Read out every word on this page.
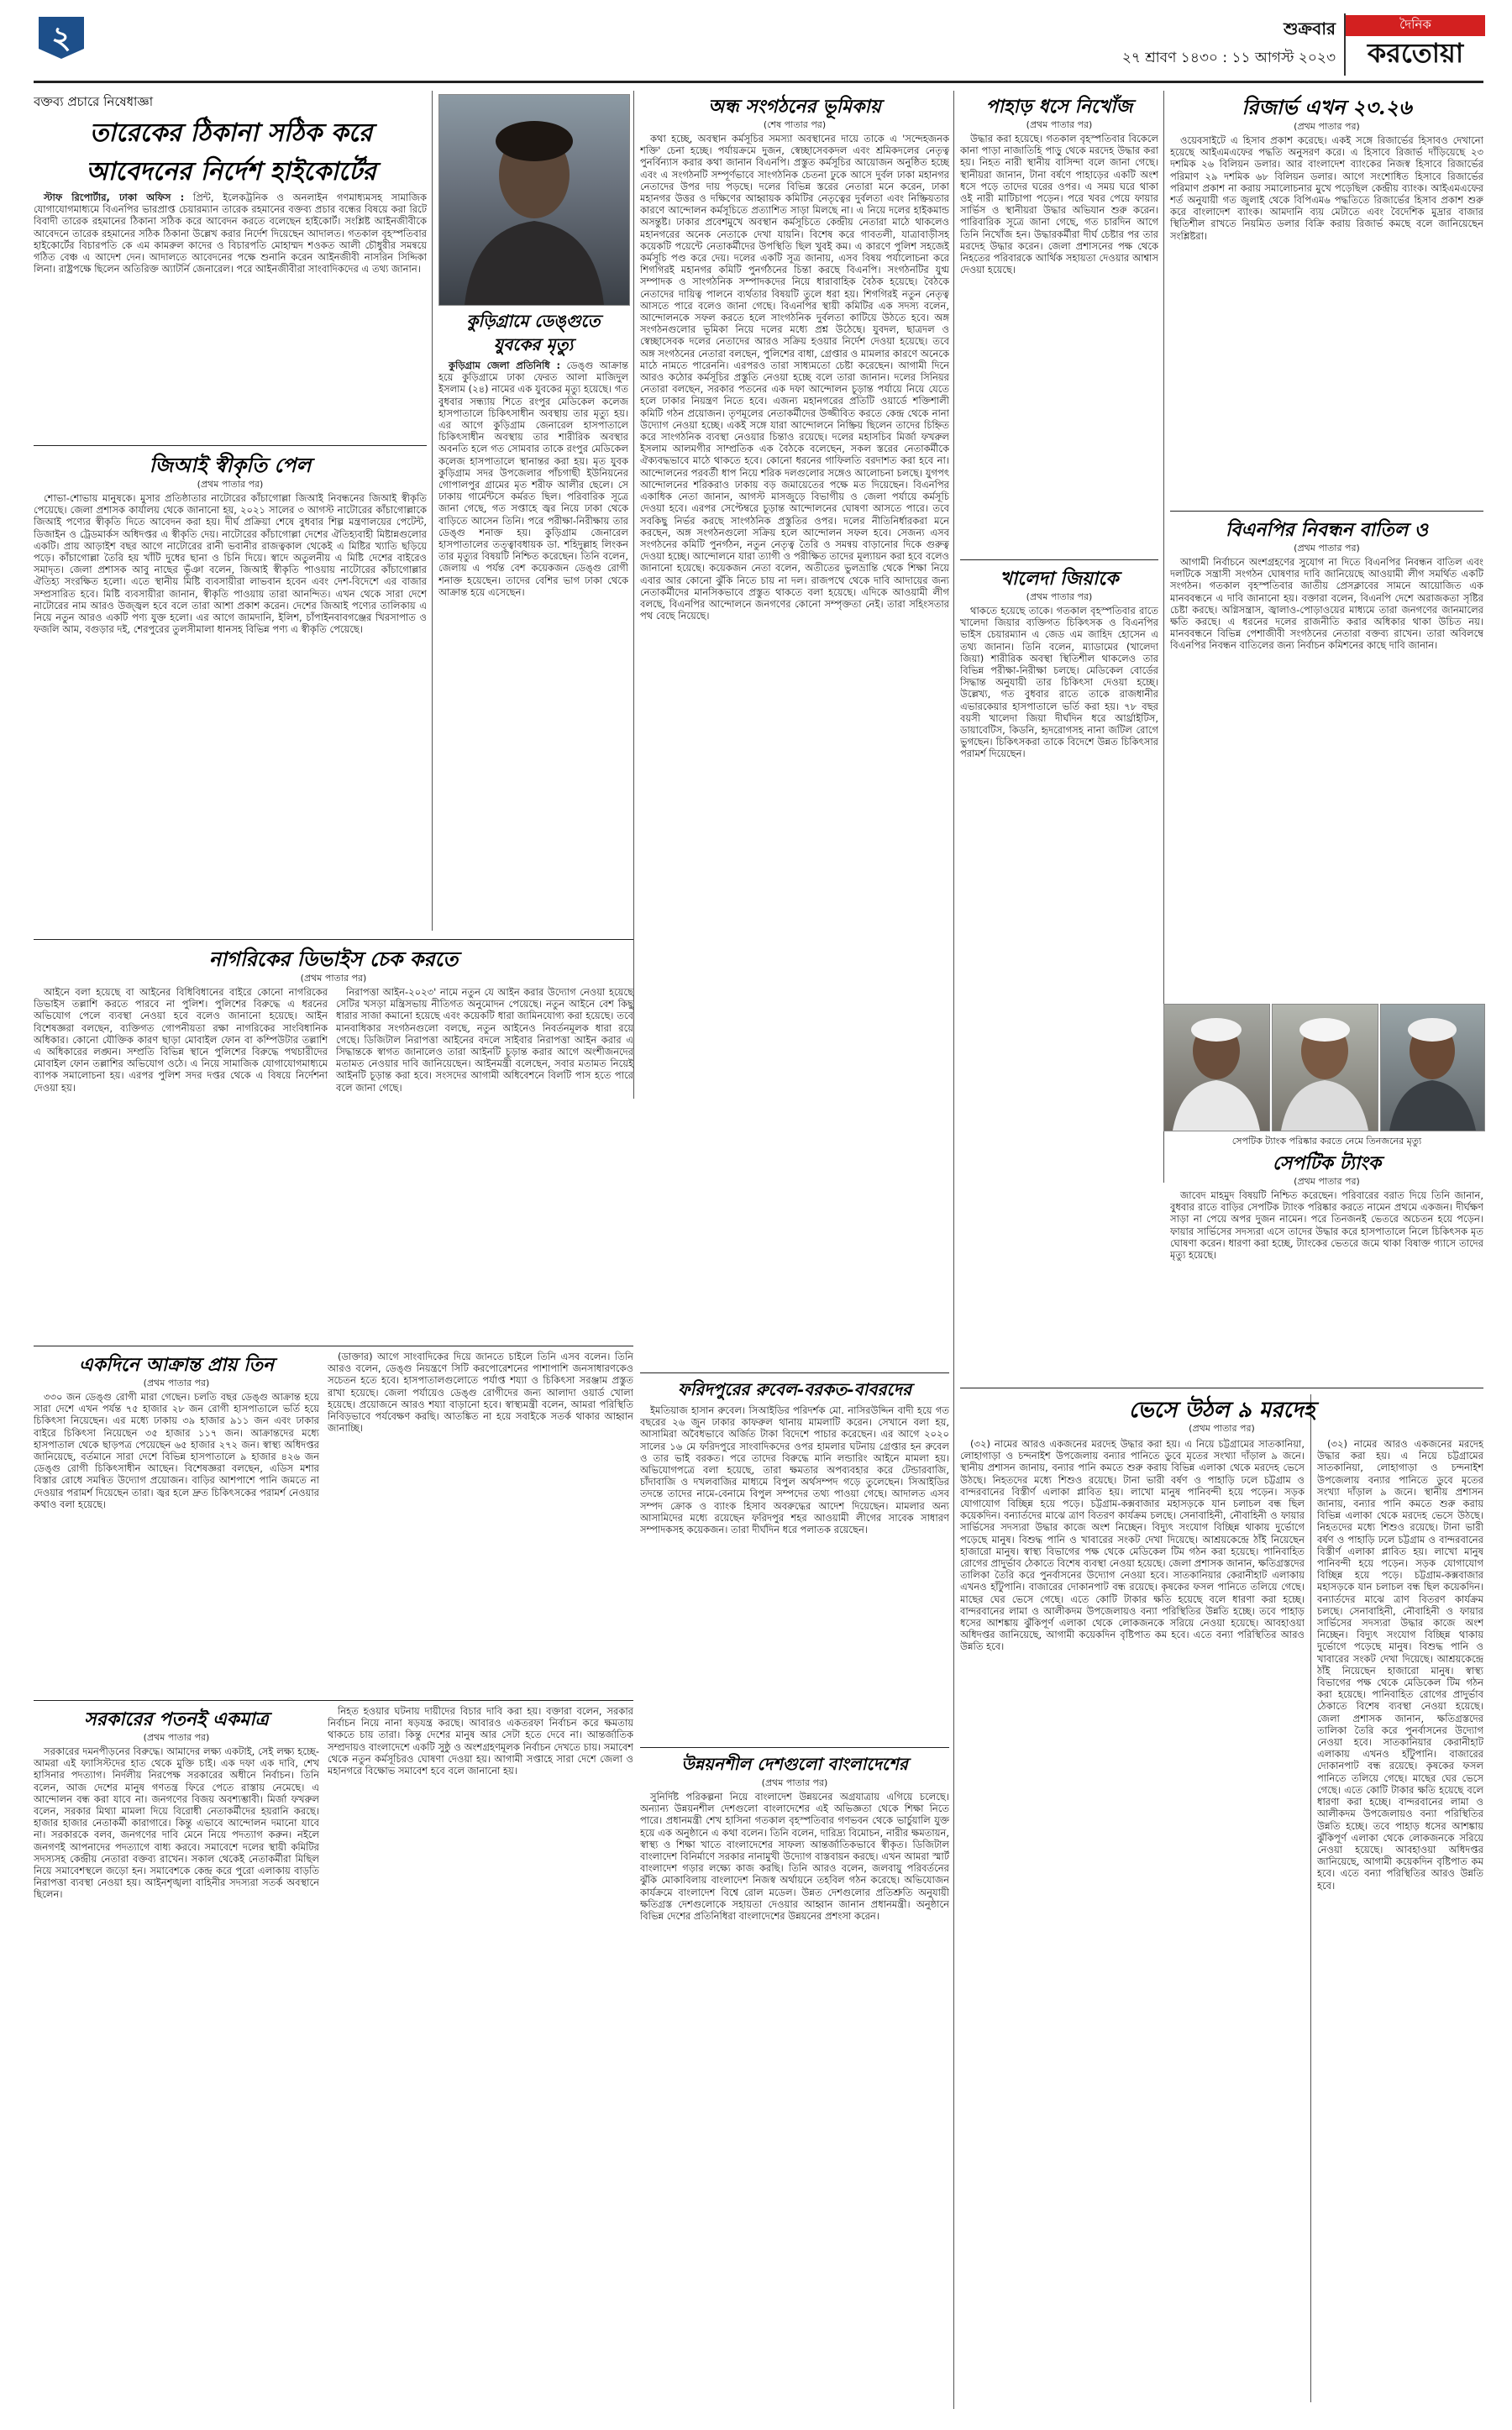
২	শুক্রবার
২৭ শ্রাবণ ১৪৩০ : ১১ আগস্ট ২০২৩
দৈনিক
করতোয়া
বক্তব্য প্রচারে নিষেধাজ্ঞা
তারেকের ঠিকানা সঠিক করে
আবেদনের নির্দেশ হাইকোর্টের

স্টাফ রিপোর্টার, ঢাকা অফিস : প্রিন্ট, ইলেকট্রনিক ও অনলাইন গণমাধ্যমসহ সামাজিক যোগাযোগমাধ্যমে বিএনপির ভারপ্রাপ্ত চেয়ারম্যান তারেক রহমানের বক্তব্য প্রচার বন্ধের বিষয়ে করা রিটে বিবাদী তারেক রহমানের ঠিকানা সঠিক করে আবেদন করতে বলেছেন হাইকোর্ট। সংশ্লিষ্ট আইনজীবীকে আবেদনে তারেক রহমানের সঠিক ঠিকানা উল্লেখ করার নির্দেশ দিয়েছেন আদালত। গতকাল বৃহস্পতিবার হাইকোর্টের বিচারপতি কে এম কামরুল কাদের ও বিচারপতি মোহাম্মদ শওকত আলী চৌধুরীর সমন্বয়ে গঠিত বেঞ্চ এ আদেশ দেন। আদালতে আবেদনের পক্ষে শুনানি করেন আইনজীবী নাসরিন সিদ্দিকা লিনা। রাষ্ট্রপক্ষে ছিলেন অতিরিক্ত অ্যাটর্নি জেনারেল। পরে আইনজীবীরা সাংবাদিকদের এ তথ্য জানান।

কুড়িগ্রামে ডেঙ্গুতে
যুবকের মৃত্যু

কুড়িগ্রাম জেলা প্রতিনিধি : ডেঙ্গু আক্রান্ত হয়ে কুড়িগ্রামে ঢাকা ফেরত আলা মাজিদুল ইসলাম (২৪) নামের এক যুবকের মৃত্যু হয়েছে। গত বুধবার সন্ধ্যায় শিতে রংপুর মেডিকেল কলেজ হাসপাতালে চিকিৎসাধীন অবস্থায় তার মৃত্যু হয়। এর আগে কুড়িগ্রাম জেনারেল হাসপাতালে চিকিৎসাধীন অবস্থায় তার শারীরিক অবস্থার অবনতি হলে গত সোমবার তাকে রংপুর মেডিকেল কলেজ হাসপাতালে স্থানান্তর করা হয়। মৃত যুবক কুড়িগ্রাম সদর উপজেলার পাঁচগাছী ইউনিয়নের গোপালপুর গ্রামের মৃত শরীফ আলীর ছেলে। সে ঢাকায় গার্মেন্টসে কর্মরত ছিল। পরিবারিক সূত্রে জানা গেছে, গত সপ্তাহে জ্বর নিয়ে ঢাকা থেকে বাড়িতে আসেন তিনি। পরে পরীক্ষা-নিরীক্ষায় তার ডেঙ্গু শনাক্ত হয়। কুড়িগ্রাম জেনারেল হাসপাতালের তত্ত্বাবধায়ক ডা. শহিদুল্লাহ লিংকন তার মৃত্যুর বিষয়টি নিশ্চিত করেছেন। তিনি বলেন, জেলায় এ পর্যন্ত বেশ কয়েকজন ডেঙ্গু রোগী শনাক্ত হয়েছেন। তাদের বেশির ভাগ ঢাকা থেকে আক্রান্ত হয়ে এসেছেন।

জিআই স্বীকৃতি পেল
(প্রথম পাতার পর)

শোভা-শোভায় মানুষকে। মুসার প্রতিষ্ঠাতার নাটোরের কাঁচাগোল্লা জিআই নিবন্ধনের জিআই স্বীকৃতি পেয়েছে। জেলা প্রশাসক কার্যালয় থেকে জানানো হয়, ২০২১ সালের ৩ আগস্ট নাটোরের কাঁচাগোল্লাকে জিআই পণ্যের স্বীকৃতি দিতে আবেদন করা হয়। দীর্ঘ প্রক্রিয়া শেষে বুধবার শিল্প মন্ত্রণালয়ের পেটেন্ট, ডিজাইন ও ট্রেডমার্কস অধিদপ্তর এ স্বীকৃতি দেয়। নাটোরের কাঁচাগোল্লা দেশের ঐতিহ্যবাহী মিষ্টান্নগুলোর একটি। প্রায় আড়াইশ বছর আগে নাটোরের রানী ভবানীর রাজত্বকাল থেকেই এ মিষ্টির খ্যাতি ছড়িয়ে পড়ে। কাঁচাগোল্লা তৈরি হয় খাঁটি দুধের ছানা ও চিনি দিয়ে। স্বাদে অতুলনীয় এ মিষ্টি দেশের বাইরেও সমাদৃত। জেলা প্রশাসক আবু নাছের ভূঁঞা বলেন, জিআই স্বীকৃতি পাওয়ায় নাটোরের কাঁচাগোল্লার ঐতিহ্য সংরক্ষিত হলো। এতে স্থানীয় মিষ্টি ব্যবসায়ীরা লাভবান হবেন এবং দেশ-বিদেশে এর বাজার সম্প্রসারিত হবে। মিষ্টি ব্যবসায়ীরা জানান, স্বীকৃতি পাওয়ায় তারা আনন্দিত। এখন থেকে সারা দেশে নাটোরের নাম আরও উজ্জ্বল হবে বলে তারা আশা প্রকাশ করেন। দেশের জিআই পণ্যের তালিকায় এ নিয়ে নতুন আরও একটি পণ্য যুক্ত হলো। এর আগে জামদানি, ইলিশ, চাঁপাইনবাবগঞ্জের খিরসাপাত ও ফজলি আম, বগুড়ার দই, শেরপুরের তুলসীমালা ধানসহ বিভিন্ন পণ্য এ স্বীকৃতি পেয়েছে।

অন্ধ সংগঠনের ভূমিকায়
(শেষ পাতার পর)

কথা হচ্ছে, অবস্থান কর্মসূচির সমস্যা অবস্থানের দায়ে তাকে এ 'সন্দেহজনক শক্তি' চেনা হচ্ছে। পর্যায়ক্রমে দুজন, স্বেচ্ছাসেবকদল এবং শ্রমিকদলের নেতৃত্ব পুনর্বিন্যাস করার কথা জানান বিএনপি। প্রস্তুত কর্মসূচির আয়োজন অনুষ্ঠিত হচ্ছে এবং এ সংগঠনটি সম্পূর্ণভাবে সাংগঠনিক চেতনা ঢুকে আসে দুর্বল ঢাকা মহানগর নেতাদের উপর দায় পড়ছে। দলের বিভিন্ন স্তরের নেতারা মনে করেন, ঢাকা মহানগর উত্তর ও দক্ষিণের আহ্বায়ক কমিটির নেতৃত্বের দুর্বলতা এবং নিষ্ক্রিয়তার কারণে আন্দোলন কর্মসূচিতে প্রত্যাশিত সাড়া মিলছে না। এ নিয়ে দলের হাইকমান্ড অসন্তুষ্ট। ঢাকার প্রবেশমুখে অবস্থান কর্মসূচিতে কেন্দ্রীয় নেতারা মাঠে থাকলেও মহানগরের অনেক নেতাকে দেখা যায়নি। বিশেষ করে গাবতলী, যাত্রাবাড়ীসহ কয়েকটি পয়েন্টে নেতাকর্মীদের উপস্থিতি ছিল খুবই কম। এ কারণে পুলিশ সহজেই কর্মসূচি পণ্ড করে দেয়। দলের একটি সূত্র জানায়, এসব বিষয় পর্যালোচনা করে শিগগিরই মহানগর কমিটি পুনর্গঠনের চিন্তা করছে বিএনপি। সংগঠনটির যুগ্ম সম্পাদক ও সাংগঠনিক সম্পাদকদের নিয়ে ধারাবাহিক বৈঠক হয়েছে। বৈঠকে নেতাদের দায়িত্ব পালনে ব্যর্থতার বিষয়টি তুলে ধরা হয়। শিগগিরই নতুন নেতৃত্ব আসতে পারে বলেও জানা গেছে। বিএনপির স্থায়ী কমিটির এক সদস্য বলেন, আন্দোলনকে সফল করতে হলে সাংগঠনিক দুর্বলতা কাটিয়ে উঠতে হবে। অঙ্গ সংগঠনগুলোর ভূমিকা নিয়ে দলের মধ্যে প্রশ্ন উঠেছে। যুবদল, ছাত্রদল ও স্বেচ্ছাসেবক দলের নেতাদের আরও সক্রিয় হওয়ার নির্দেশ দেওয়া হয়েছে। তবে অঙ্গ সংগঠনের নেতারা বলছেন, পুলিশের বাধা, গ্রেপ্তার ও মামলার কারণে অনেকে মাঠে নামতে পারেননি। এরপরও তারা সাধ্যমতো চেষ্টা করেছেন। আগামী দিনে আরও কঠোর কর্মসূচির প্রস্তুতি নেওয়া হচ্ছে বলে তারা জানান। দলের সিনিয়র নেতারা বলছেন, সরকার পতনের এক দফা আন্দোলন চূড়ান্ত পর্যায়ে নিয়ে যেতে হলে ঢাকার নিয়ন্ত্রণ নিতে হবে। এজন্য মহানগরের প্রতিটি ওয়ার্ডে শক্তিশালী কমিটি গঠন প্রয়োজন। তৃণমূলের নেতাকর্মীদের উজ্জীবিত করতে কেন্দ্র থেকে নানা উদ্যোগ নেওয়া হচ্ছে। একই সঙ্গে যারা আন্দোলনে নিষ্ক্রিয় ছিলেন তাদের চিহ্নিত করে সাংগঠনিক ব্যবস্থা নেওয়ার চিন্তাও রয়েছে। দলের মহাসচিব মির্জা ফখরুল ইসলাম আলমগীর সাম্প্রতিক এক বৈঠকে বলেছেন, সকল স্তরের নেতাকর্মীকে ঐক্যবদ্ধভাবে মাঠে থাকতে হবে। কোনো ধরনের গাফিলতি বরদাশত করা হবে না। আন্দোলনের পরবর্তী ধাপ নিয়ে শরিক দলগুলোর সঙ্গেও আলোচনা চলছে। যুগপৎ আন্দোলনের শরিকরাও ঢাকায় বড় জমায়েতের পক্ষে মত দিয়েছেন। বিএনপির একাধিক নেতা জানান, আগস্ট মাসজুড়ে বিভাগীয় ও জেলা পর্যায়ে কর্মসূচি দেওয়া হবে। এরপর সেপ্টেম্বরে চূড়ান্ত আন্দোলনের ঘোষণা আসতে পারে। তবে সবকিছু নির্ভর করছে সাংগঠনিক প্রস্তুতির ওপর। দলের নীতিনির্ধারকরা মনে করছেন, অঙ্গ সংগঠনগুলো সক্রিয় হলে আন্দোলন সফল হবে। সেজন্য এসব সংগঠনের কমিটি পুনর্গঠন, নতুন নেতৃত্ব তৈরি ও সমন্বয় বাড়ানোর দিকে গুরুত্ব দেওয়া হচ্ছে। আন্দোলনে যারা ত্যাগী ও পরীক্ষিত তাদের মূল্যায়ন করা হবে বলেও জানানো হয়েছে। কয়েকজন নেতা বলেন, অতীতের ভুলভ্রান্তি থেকে শিক্ষা নিয়ে এবার আর কোনো ঝুঁকি নিতে চায় না দল। রাজপথে থেকে দাবি আদায়ের জন্য নেতাকর্মীদের মানসিকভাবে প্রস্তুত থাকতে বলা হয়েছে। এদিকে আওয়ামী লীগ বলছে, বিএনপির আন্দোলনে জনগণের কোনো সম্পৃক্ততা নেই। তারা সহিংসতার পথ বেছে নিয়েছে।

পাহাড় ধসে নিখোঁজ
(প্রথম পাতার পর)

উদ্ধার করা হয়েছে। গতকাল বৃহস্পতিবার বিকেলে কানা পাড়া নাজাতিহি পাড়ু থেকে মরদেহ উদ্ধার করা হয়। নিহত নারী স্থানীয় বাসিন্দা বলে জানা গেছে। স্থানীয়রা জানান, টানা বর্ষণে পাহাড়ের একটি অংশ ধসে পড়ে তাদের ঘরের ওপর। এ সময় ঘরে থাকা ওই নারী মাটিচাপা পড়েন। পরে খবর পেয়ে ফায়ার সার্ভিস ও স্থানীয়রা উদ্ধার অভিযান শুরু করেন। পারিবারিক সূত্রে জানা গেছে, গত চারদিন আগে তিনি নিখোঁজ হন। উদ্ধারকর্মীরা দীর্ঘ চেষ্টার পর তার মরদেহ উদ্ধার করেন। জেলা প্রশাসনের পক্ষ থেকে নিহতের পরিবারকে আর্থিক সহায়তা দেওয়ার আশ্বাস দেওয়া হয়েছে।

খালেদা জিয়াকে
(প্রথম পাতার পর)

থাকতে হয়েছে তাকে। গতকাল বৃহস্পতিবার রাতে খালেদা জিয়ার ব্যক্তিগত চিকিৎসক ও বিএনপির ভাইস চেয়ারম্যান এ জেড এম জাহিদ হোসেন এ তথ্য জানান। তিনি বলেন, ম্যাডামের (খালেদা জিয়া) শারীরিক অবস্থা স্থিতিশীল থাকলেও তার বিভিন্ন পরীক্ষা-নিরীক্ষা চলছে। মেডিকেল বোর্ডের সিদ্ধান্ত অনুযায়ী তার চিকিৎসা দেওয়া হচ্ছে। উল্লেখ্য, গত বুধবার রাতে তাকে রাজধানীর এভারকেয়ার হাসপাতালে ভর্তি করা হয়। ৭৮ বছর বয়সী খালেদা জিয়া দীর্ঘদিন ধরে আর্থ্রাইটিস, ডায়াবেটিস, কিডনি, হৃদরোগসহ নানা জটিল রোগে ভুগছেন। চিকিৎসকরা তাকে বিদেশে উন্নত চিকিৎসার পরামর্শ দিয়েছেন।

রিজার্ভ এখন ২৩.২৬
(প্রথম পাতার পর)

ওয়েবসাইটে এ হিসাব প্রকাশ করেছে। একই সঙ্গে রিজার্ভের হিসাবও দেখানো হয়েছে আইএমএফের পদ্ধতি অনুসরণ করে। এ হিসাবে রিজার্ভ দাঁড়িয়েছে ২৩ দশমিক ২৬ বিলিয়ন ডলার। আর বাংলাদেশ ব্যাংকের নিজস্ব হিসাবে রিজার্ভের পরিমাণ ২৯ দশমিক ৬৮ বিলিয়ন ডলার। আগে সংশোধিত হিসাবে রিজার্ভের পরিমাণ প্রকাশ না করায় সমালোচনার মুখে পড়েছিল কেন্দ্রীয় ব্যাংক। আইএমএফের শর্ত অনুযায়ী গত জুলাই থেকে বিপিএম৬ পদ্ধতিতে রিজার্ভের হিসাব প্রকাশ শুরু করে বাংলাদেশ ব্যাংক। আমদানি ব্যয় মেটাতে এবং বৈদেশিক মুদ্রার বাজার স্থিতিশীল রাখতে নিয়মিত ডলার বিক্রি করায় রিজার্ভ কমছে বলে জানিয়েছেন সংশ্লিষ্টরা।

বিএনপির নিবন্ধন বাতিল ও
(প্রথম পাতার পর)

আগামী নির্বাচনে অংশগ্রহণের সুযোগ না দিতে বিএনপির নিবন্ধন বাতিল এবং দলটিকে সন্ত্রাসী সংগঠন ঘোষণার দাবি জানিয়েছে আওয়ামী লীগ সমর্থিত একটি সংগঠন। গতকাল বৃহস্পতিবার জাতীয় প্রেসক্লাবের সামনে আয়োজিত এক মানববন্ধনে এ দাবি জানানো হয়। বক্তারা বলেন, বিএনপি দেশে অরাজকতা সৃষ্টির চেষ্টা করছে। অগ্নিসন্ত্রাস, জ্বালাও-পোড়াওয়ের মাধ্যমে তারা জনগণের জানমালের ক্ষতি করছে। এ ধরনের দলের রাজনীতি করার অধিকার থাকা উচিত নয়। মানববন্ধনে বিভিন্ন পেশাজীবী সংগঠনের নেতারা বক্তব্য রাখেন। তারা অবিলম্বে বিএনপির নিবন্ধন বাতিলের জন্য নির্বাচন কমিশনের কাছে দাবি জানান।

সেপটিক ট্যাংক পরিষ্কার করতে নেমে তিনজনের মৃত্যু
সেপটিক ট্যাংক
(প্রথম পাতার পর)

জাবেদ মাহমুদ বিষয়টি নিশ্চিত করেছেন। পরিবারের বরাত দিয়ে তিনি জানান, বুধবার রাতে বাড়ির সেপটিক ট্যাংক পরিষ্কার করতে নামেন প্রথমে একজন। দীর্ঘক্ষণ সাড়া না পেয়ে অপর দুজন নামেন। পরে তিনজনই ভেতরে অচেতন হয়ে পড়েন। ফায়ার সার্ভিসের সদস্যরা এসে তাদের উদ্ধার করে হাসপাতালে নিলে চিকিৎসক মৃত ঘোষণা করেন। ধারণা করা হচ্ছে, ট্যাংকের ভেতরে জমে থাকা বিষাক্ত গ্যাসে তাদের মৃত্যু হয়েছে।

ভেসে উঠল ৯ মরদেহ
(প্রথম পাতার পর)

(৩২) নামের আরও একজনের মরদেহ উদ্ধার করা হয়। এ নিয়ে চট্টগ্রামের সাতকানিয়া, লোহাগাড়া ও চন্দনাইশ উপজেলায় বন্যার পানিতে ডুবে মৃতের সংখ্যা দাঁড়াল ৯ জনে। স্থানীয় প্রশাসন জানায়, বন্যার পানি কমতে শুরু করায় বিভিন্ন এলাকা থেকে মরদেহ ভেসে উঠছে। নিহতদের মধ্যে শিশুও রয়েছে। টানা ভারী বর্ষণ ও পাহাড়ি ঢলে চট্টগ্রাম ও বান্দরবানের বিস্তীর্ণ এলাকা প্লাবিত হয়। লাখো মানুষ পানিবন্দী হয়ে পড়েন। সড়ক যোগাযোগ বিচ্ছিন্ন হয়ে পড়ে। চট্টগ্রাম-কক্সবাজার মহাসড়কে যান চলাচল বন্ধ ছিল কয়েকদিন। বন্যার্তদের মাঝে ত্রাণ বিতরণ কার্যক্রম চলছে। সেনাবাহিনী, নৌবাহিনী ও ফায়ার সার্ভিসের সদস্যরা উদ্ধার কাজে অংশ নিচ্ছেন। বিদ্যুৎ সংযোগ বিচ্ছিন্ন থাকায় দুর্ভোগে পড়েছে মানুষ। বিশুদ্ধ পানি ও খাবারের সংকট দেখা দিয়েছে। আশ্রয়কেন্দ্রে ঠাঁই নিয়েছেন হাজারো মানুষ। স্বাস্থ্য বিভাগের পক্ষ থেকে মেডিকেল টিম গঠন করা হয়েছে। পানিবাহিত রোগের প্রাদুর্ভাব ঠেকাতে বিশেষ ব্যবস্থা নেওয়া হয়েছে। জেলা প্রশাসক জানান, ক্ষতিগ্রস্তদের তালিকা তৈরি করে পুনর্বাসনের উদ্যোগ নেওয়া হবে। সাতকানিয়ার কেরানীহাট এলাকায় এখনও হাঁটুপানি। বাজারের দোকানপাট বন্ধ রয়েছে। কৃষকের ফসল পানিতে তলিয়ে গেছে। মাছের ঘের ভেসে গেছে। এতে কোটি টাকার ক্ষতি হয়েছে বলে ধারণা করা হচ্ছে। বান্দরবানের লামা ও আলীকদম উপজেলায়ও বন্যা পরিস্থিতির উন্নতি হচ্ছে। তবে পাহাড় ধসের আশঙ্কায় ঝুঁকিপূর্ণ এলাকা থেকে লোকজনকে সরিয়ে নেওয়া হয়েছে। আবহাওয়া অধিদপ্তর জানিয়েছে, আগামী কয়েকদিন বৃষ্টিপাত কম হবে। এতে বন্যা পরিস্থিতির আরও উন্নতি হবে।

(৩২) নামের আরও একজনের মরদেহ উদ্ধার করা হয়। এ নিয়ে চট্টগ্রামের সাতকানিয়া, লোহাগাড়া ও চন্দনাইশ উপজেলায় বন্যার পানিতে ডুবে মৃতের সংখ্যা দাঁড়াল ৯ জনে। স্থানীয় প্রশাসন জানায়, বন্যার পানি কমতে শুরু করায় বিভিন্ন এলাকা থেকে মরদেহ ভেসে উঠছে। নিহতদের মধ্যে শিশুও রয়েছে। টানা ভারী বর্ষণ ও পাহাড়ি ঢলে চট্টগ্রাম ও বান্দরবানের বিস্তীর্ণ এলাকা প্লাবিত হয়। লাখো মানুষ পানিবন্দী হয়ে পড়েন। সড়ক যোগাযোগ বিচ্ছিন্ন হয়ে পড়ে। চট্টগ্রাম-কক্সবাজার মহাসড়কে যান চলাচল বন্ধ ছিল কয়েকদিন। বন্যার্তদের মাঝে ত্রাণ বিতরণ কার্যক্রম চলছে। সেনাবাহিনী, নৌবাহিনী ও ফায়ার সার্ভিসের সদস্যরা উদ্ধার কাজে অংশ নিচ্ছেন। বিদ্যুৎ সংযোগ বিচ্ছিন্ন থাকায় দুর্ভোগে পড়েছে মানুষ। বিশুদ্ধ পানি ও খাবারের সংকট দেখা দিয়েছে। আশ্রয়কেন্দ্রে ঠাঁই নিয়েছেন হাজারো মানুষ। স্বাস্থ্য বিভাগের পক্ষ থেকে মেডিকেল টিম গঠন করা হয়েছে। পানিবাহিত রোগের প্রাদুর্ভাব ঠেকাতে বিশেষ ব্যবস্থা নেওয়া হয়েছে। জেলা প্রশাসক জানান, ক্ষতিগ্রস্তদের তালিকা তৈরি করে পুনর্বাসনের উদ্যোগ নেওয়া হবে। সাতকানিয়ার কেরানীহাট এলাকায় এখনও হাঁটুপানি। বাজারের দোকানপাট বন্ধ রয়েছে। কৃষকের ফসল পানিতে তলিয়ে গেছে। মাছের ঘের ভেসে গেছে। এতে কোটি টাকার ক্ষতি হয়েছে বলে ধারণা করা হচ্ছে। বান্দরবানের লামা ও আলীকদম উপজেলায়ও বন্যা পরিস্থিতির উন্নতি হচ্ছে। তবে পাহাড় ধসের আশঙ্কায় ঝুঁকিপূর্ণ এলাকা থেকে লোকজনকে সরিয়ে নেওয়া হয়েছে। আবহাওয়া অধিদপ্তর জানিয়েছে, আগামী কয়েকদিন বৃষ্টিপাত কম হবে। এতে বন্যা পরিস্থিতির আরও উন্নতি হবে।

নাগরিকের ডিভাইস চেক করতে
(প্রথম পাতার পর)

আইনে বলা হয়েছে বা আইনের বিধিবিধানের বাইরে কোনো নাগরিকের ডিভাইস তল্লাশি করতে পারবে না পুলিশ। পুলিশের বিরুদ্ধে এ ধরনের অভিযোগ পেলে ব্যবস্থা নেওয়া হবে বলেও জানানো হয়েছে। আইন বিশেষজ্ঞরা বলছেন, ব্যক্তিগত গোপনীয়তা রক্ষা নাগরিকের সাংবিধানিক অধিকার। কোনো যৌক্তিক কারণ ছাড়া মোবাইল ফোন বা কম্পিউটার তল্লাশি এ অধিকারের লঙ্ঘন। সম্প্রতি বিভিন্ন স্থানে পুলিশের বিরুদ্ধে পথচারীদের মোবাইল ফোন তল্লাশির অভিযোগ ওঠে। এ নিয়ে সামাজিক যোগাযোগমাধ্যমে ব্যাপক সমালোচনা হয়। এরপর পুলিশ সদর দপ্তর থেকে এ বিষয়ে নির্দেশনা দেওয়া হয়।

নিরাপত্তা আইন-২০২৩' নামে নতুন যে আইন করার উদ্যোগ নেওয়া হয়েছে সেটির খসড়া মন্ত্রিসভায় নীতিগত অনুমোদন পেয়েছে। নতুন আইনে বেশ কিছু ধারার সাজা কমানো হয়েছে এবং কয়েকটি ধারা জামিনযোগ্য করা হয়েছে। তবে মানবাধিকার সংগঠনগুলো বলছে, নতুন আইনেও নিবর্তনমূলক ধারা রয়ে গেছে। ডিজিটাল নিরাপত্তা আইনের বদলে সাইবার নিরাপত্তা আইন করার এ সিদ্ধান্তকে স্বাগত জানালেও তারা আইনটি চূড়ান্ত করার আগে অংশীজনদের মতামত নেওয়ার দাবি জানিয়েছেন। আইনমন্ত্রী বলেছেন, সবার মতামত নিয়েই আইনটি চূড়ান্ত করা হবে। সংসদের আগামী অধিবেশনে বিলটি পাস হতে পারে বলে জানা গেছে।

একদিনে আক্রান্ত প্রায় তিন
(প্রথম পাতার পর)

৩৩০ জন ডেঙ্গু রোগী মারা গেছেন। চলতি বছর ডেঙ্গু আক্রান্ত হয়ে সারা দেশে এখন পর্যন্ত ৭৫ হাজার ২৮ জন রোগী হাসপাতালে ভর্তি হয়ে চিকিৎসা নিয়েছেন। এর মধ্যে ঢাকায় ৩৯ হাজার ৯১১ জন এবং ঢাকার বাইরে চিকিৎসা নিয়েছেন ৩৫ হাজার ১১৭ জন। আক্রান্তদের মধ্যে হাসপাতাল থেকে ছাড়পত্র পেয়েছেন ৬৫ হাজার ২৭২ জন। স্বাস্থ্য অধিদপ্তর জানিয়েছে, বর্তমানে সারা দেশে বিভিন্ন হাসপাতালে ৯ হাজার ৪২৬ জন ডেঙ্গু রোগী চিকিৎসাধীন আছেন। বিশেষজ্ঞরা বলছেন, এডিস মশার বিস্তার রোধে সমন্বিত উদ্যোগ প্রয়োজন। বাড়ির আশপাশে পানি জমতে না দেওয়ার পরামর্শ দিয়েছেন তারা। জ্বর হলে দ্রুত চিকিৎসকের পরামর্শ নেওয়ার কথাও বলা হয়েছে।

(ডাক্তার) আগে সাংবাদিকের দিয়ে জানতে চাইলে তিনি এসব বলেন। তিনি আরও বলেন, ডেঙ্গু নিয়ন্ত্রণে সিটি করপোরেশনের পাশাপাশি জনসাধারণকেও সচেতন হতে হবে। হাসপাতালগুলোতে পর্যাপ্ত শয্যা ও চিকিৎসা সরঞ্জাম প্রস্তুত রাখা হয়েছে। জেলা পর্যায়েও ডেঙ্গু রোগীদের জন্য আলাদা ওয়ার্ড খোলা হয়েছে। প্রয়োজনে আরও শয্যা বাড়ানো হবে। স্বাস্থ্যমন্ত্রী বলেন, আমরা পরিস্থিতি নিবিড়ভাবে পর্যবেক্ষণ করছি। আতঙ্কিত না হয়ে সবাইকে সতর্ক থাকার আহ্বান জানাচ্ছি।

সরকারের পতনই একমাত্র
(প্রথম পাতার পর)

সরকারের দমনপীড়নের বিরুদ্ধে। আমাদের লক্ষ্য একটাই, সেই লক্ষ্য হচ্ছে- আমরা এই ফ্যাসিস্টদের হাত থেকে মুক্তি চাই। এক দফা এক দাবি, শেখ হাসিনার পদত্যাগ। নির্দলীয় নিরপেক্ষ সরকারের অধীনে নির্বাচন। তিনি বলেন, আজ দেশের মানুষ গণতন্ত্র ফিরে পেতে রাস্তায় নেমেছে। এ আন্দোলন বন্ধ করা যাবে না। জনগণের বিজয় অবশ্যম্ভাবী। মির্জা ফখরুল বলেন, সরকার মিথ্যা মামলা দিয়ে বিরোধী নেতাকর্মীদের হয়রানি করছে। হাজার হাজার নেতাকর্মী কারাগারে। কিন্তু এভাবে আন্দোলন দমানো যাবে না। সরকারকে বলব, জনগণের দাবি মেনে নিয়ে পদত্যাগ করুন। নইলে জনগণই আপনাদের পদত্যাগে বাধ্য করবে। সমাবেশে দলের স্থায়ী কমিটির সদস্যসহ কেন্দ্রীয় নেতারা বক্তব্য রাখেন। সকাল থেকেই নেতাকর্মীরা মিছিল নিয়ে সমাবেশস্থলে জড়ো হন। সমাবেশকে কেন্দ্র করে পুরো এলাকায় বাড়তি নিরাপত্তা ব্যবস্থা নেওয়া হয়। আইনশৃঙ্খলা বাহিনীর সদস্যরা সতর্ক অবস্থানে ছিলেন।

নিহত হওয়ার ঘটনায় দায়ীদের বিচার দাবি করা হয়। বক্তারা বলেন, সরকার নির্বাচন নিয়ে নানা ষড়যন্ত্র করছে। আবারও একতরফা নির্বাচন করে ক্ষমতায় থাকতে চায় তারা। কিন্তু দেশের মানুষ আর সেটা হতে দেবে না। আন্তর্জাতিক সম্প্রদায়ও বাংলাদেশে একটি সুষ্ঠু ও অংশগ্রহণমূলক নির্বাচন দেখতে চায়। সমাবেশ থেকে নতুন কর্মসূচিরও ঘোষণা দেওয়া হয়। আগামী সপ্তাহে সারা দেশে জেলা ও মহানগরে বিক্ষোভ সমাবেশ হবে বলে জানানো হয়।

ফরিদপুরের রুবেল-বরকত-বাবরদের

ইমতিয়াজ হাসান রুবেল। সিআইডির পরিদর্শক মো. নাসিরউদ্দিন বাদী হয়ে গত বছরের ২৬ জুন ঢাকার কাফরুল থানায় মামলাটি করেন। সেখানে বলা হয়, আসামিরা অবৈধভাবে অর্জিত টাকা বিদেশে পাচার করেছেন। এর আগে ২০২০ সালের ১৬ মে ফরিদপুরে সাংবাদিকদের ওপর হামলার ঘটনায় গ্রেপ্তার হন রুবেল ও তার ভাই বরকত। পরে তাদের বিরুদ্ধে মানি লন্ডারিং আইনে মামলা হয়। অভিযোগপত্রে বলা হয়েছে, তারা ক্ষমতার অপব্যবহার করে টেন্ডারবাজি, চাঁদাবাজি ও দখলবাজির মাধ্যমে বিপুল অর্থসম্পদ গড়ে তুলেছেন। সিআইডির তদন্তে তাদের নামে-বেনামে বিপুল সম্পদের তথ্য পাওয়া গেছে। আদালত এসব সম্পদ ক্রোক ও ব্যাংক হিসাব অবরুদ্ধের আদেশ দিয়েছেন। মামলার অন্য আসামিদের মধ্যে রয়েছেন ফরিদপুর শহর আওয়ামী লীগের সাবেক সাধারণ সম্পাদকসহ কয়েকজন। তারা দীর্ঘদিন ধরে পলাতক রয়েছেন।

উন্নয়নশীল দেশগুলো বাংলাদেশের
(প্রথম পাতার পর)

সুনির্দিষ্ট পরিকল্পনা নিয়ে বাংলাদেশ উন্নয়নের অগ্রযাত্রায় এগিয়ে চলেছে। অন্যান্য উন্নয়নশীল দেশগুলো বাংলাদেশের এই অভিজ্ঞতা থেকে শিক্ষা নিতে পারে। প্রধানমন্ত্রী শেখ হাসিনা গতকাল বৃহস্পতিবার গণভবন থেকে ভার্চুয়ালি যুক্ত হয়ে এক অনুষ্ঠানে এ কথা বলেন। তিনি বলেন, দারিদ্র্য বিমোচন, নারীর ক্ষমতায়ন, স্বাস্থ্য ও শিক্ষা খাতে বাংলাদেশের সাফল্য আন্তর্জাতিকভাবে স্বীকৃত। ডিজিটাল বাংলাদেশ বিনির্মাণে সরকার নানামুখী উদ্যোগ বাস্তবায়ন করছে। এখন আমরা স্মার্ট বাংলাদেশ গড়ার লক্ষ্যে কাজ করছি। তিনি আরও বলেন, জলবায়ু পরিবর্তনের ঝুঁকি মোকাবিলায় বাংলাদেশ নিজস্ব অর্থায়নে তহবিল গঠন করেছে। অভিযোজন কার্যক্রমে বাংলাদেশ বিশ্বে রোল মডেল। উন্নত দেশগুলোর প্রতিশ্রুতি অনুযায়ী ক্ষতিগ্রস্ত দেশগুলোকে সহায়তা দেওয়ার আহ্বান জানান প্রধানমন্ত্রী। অনুষ্ঠানে বিভিন্ন দেশের প্রতিনিধিরা বাংলাদেশের উন্নয়নের প্রশংসা করেন।
